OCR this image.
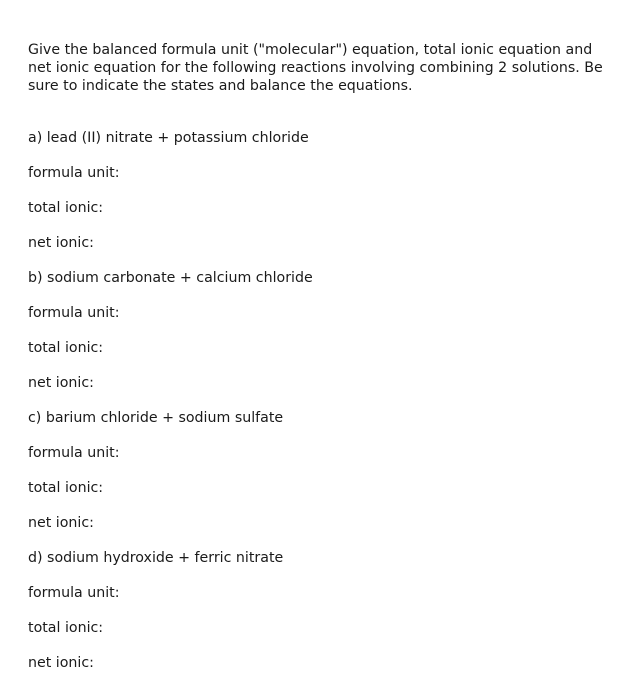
Give the balanced formula unit ("molecular") equation, total ionic equation and net ionic equation for the following reactions involving combining 2 solutions. Be sure to indicate the states and balance the equations.

a) lead (II) nitrate + potassium chloride
formula unit:
total ionic:
net ionic:
b) sodium carbonate + calcium chloride
formula unit:
total ionic:
net ionic:
c) barium chloride + sodium sulfate
formula unit:
total ionic:
net ionic:
d) sodium hydroxide + ferric nitrate
formula unit:
total ionic:
net ionic:
